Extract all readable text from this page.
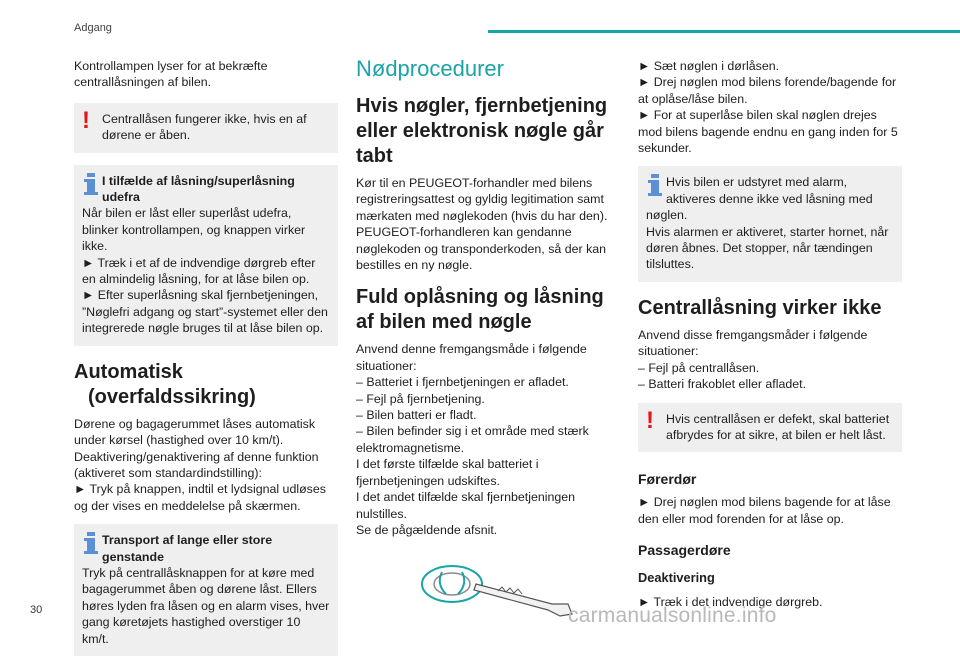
Adgang

Kontrollampen lyser for at bekræfte centrallåsningen af bilen.

! Centrallåsen fungerer ikke, hvis en af dørene er åben.
I tilfælde af låsning/superlåsning udefra
Når bilen er låst eller superlåst udefra, blinker kontrollampen, og knappen virker ikke.
► Træk i et af de indvendige dørgreb efter en almindelig låsning, for at låse bilen op.
► Efter superlåsning skal fjernbetjeningen, ”Nøglefri adgang og start”-systemet eller den integrerede nøgle bruges til at låse bilen op.
Automatisk
(overfaldssikring)

Dørene og bagagerummet låses automatisk under kørsel (hastighed over 10 km/t).
Deaktivering/genaktivering af denne funktion (aktiveret som standardindstilling):
► Tryk på knappen, indtil et lydsignal udløses og der vises en meddelelse på skærmen.

Transport af lange eller store genstande
Tryk på centrallåsknappen for at køre med bagagerummet åben og dørene låst. Ellers høres lyden fra låsen og en alarm vises, hver gang køretøjets hastighed overstiger 10 km/t.
Nødprocedurer
Hvis nøgler, fjernbetjening eller elektronisk nøgle går tabt

Kør til en PEUGEOT-forhandler med bilens registreringsattest og gyldig legitimation samt mærkaten med nøglekoden (hvis du har den).
PEUGEOT-forhandleren kan gendanne nøglekoden og transponderkoden, så der kan bestilles en ny nøgle.

Fuld oplåsning og låsning af bilen med nøgle

Anvend denne fremgangsmåde i følgende situationer:
– Batteriet i fjernbetjeningen er afladet.
– Fejl på fjernbetjening.
– Bilen batteri er fladt.
– Bilen befinder sig i et område med stærk elektromagnetisme.
I det første tilfælde skal batteriet i fjernbetjeningen udskiftes.
I det andet tilfælde skal fjernbetjeningen nulstilles.
Se de pågældende afsnit.

► Sæt nøglen i dørlåsen.
► Drej nøglen mod bilens forende/bagende for at oplåse/låse bilen.
► For at superlåse bilen skal nøglen drejes mod bilens bagende endnu en gang inden for 5 sekunder.

Hvis bilen er udstyret med alarm, aktiveres denne ikke ved låsning med
nøglen.
Hvis alarmen er aktiveret, starter hornet, når døren åbnes. Det stopper, når tændingen tilsluttes.
Centrallåsning virker ikke

Anvend disse fremgangsmåder i følgende situationer:
– Fejl på centrallåsen.
– Batteri frakoblet eller afladet.

! Hvis centrallåsen er defekt, skal batteriet afbrydes for at sikre, at bilen er helt låst.
Førerdør

► Drej nøglen mod bilens bagende for at låse den eller mod forenden for at låse op.

Passagerdøre
Deaktivering

► Træk i det indvendige dørgreb.

30	carmanualsonline.info
